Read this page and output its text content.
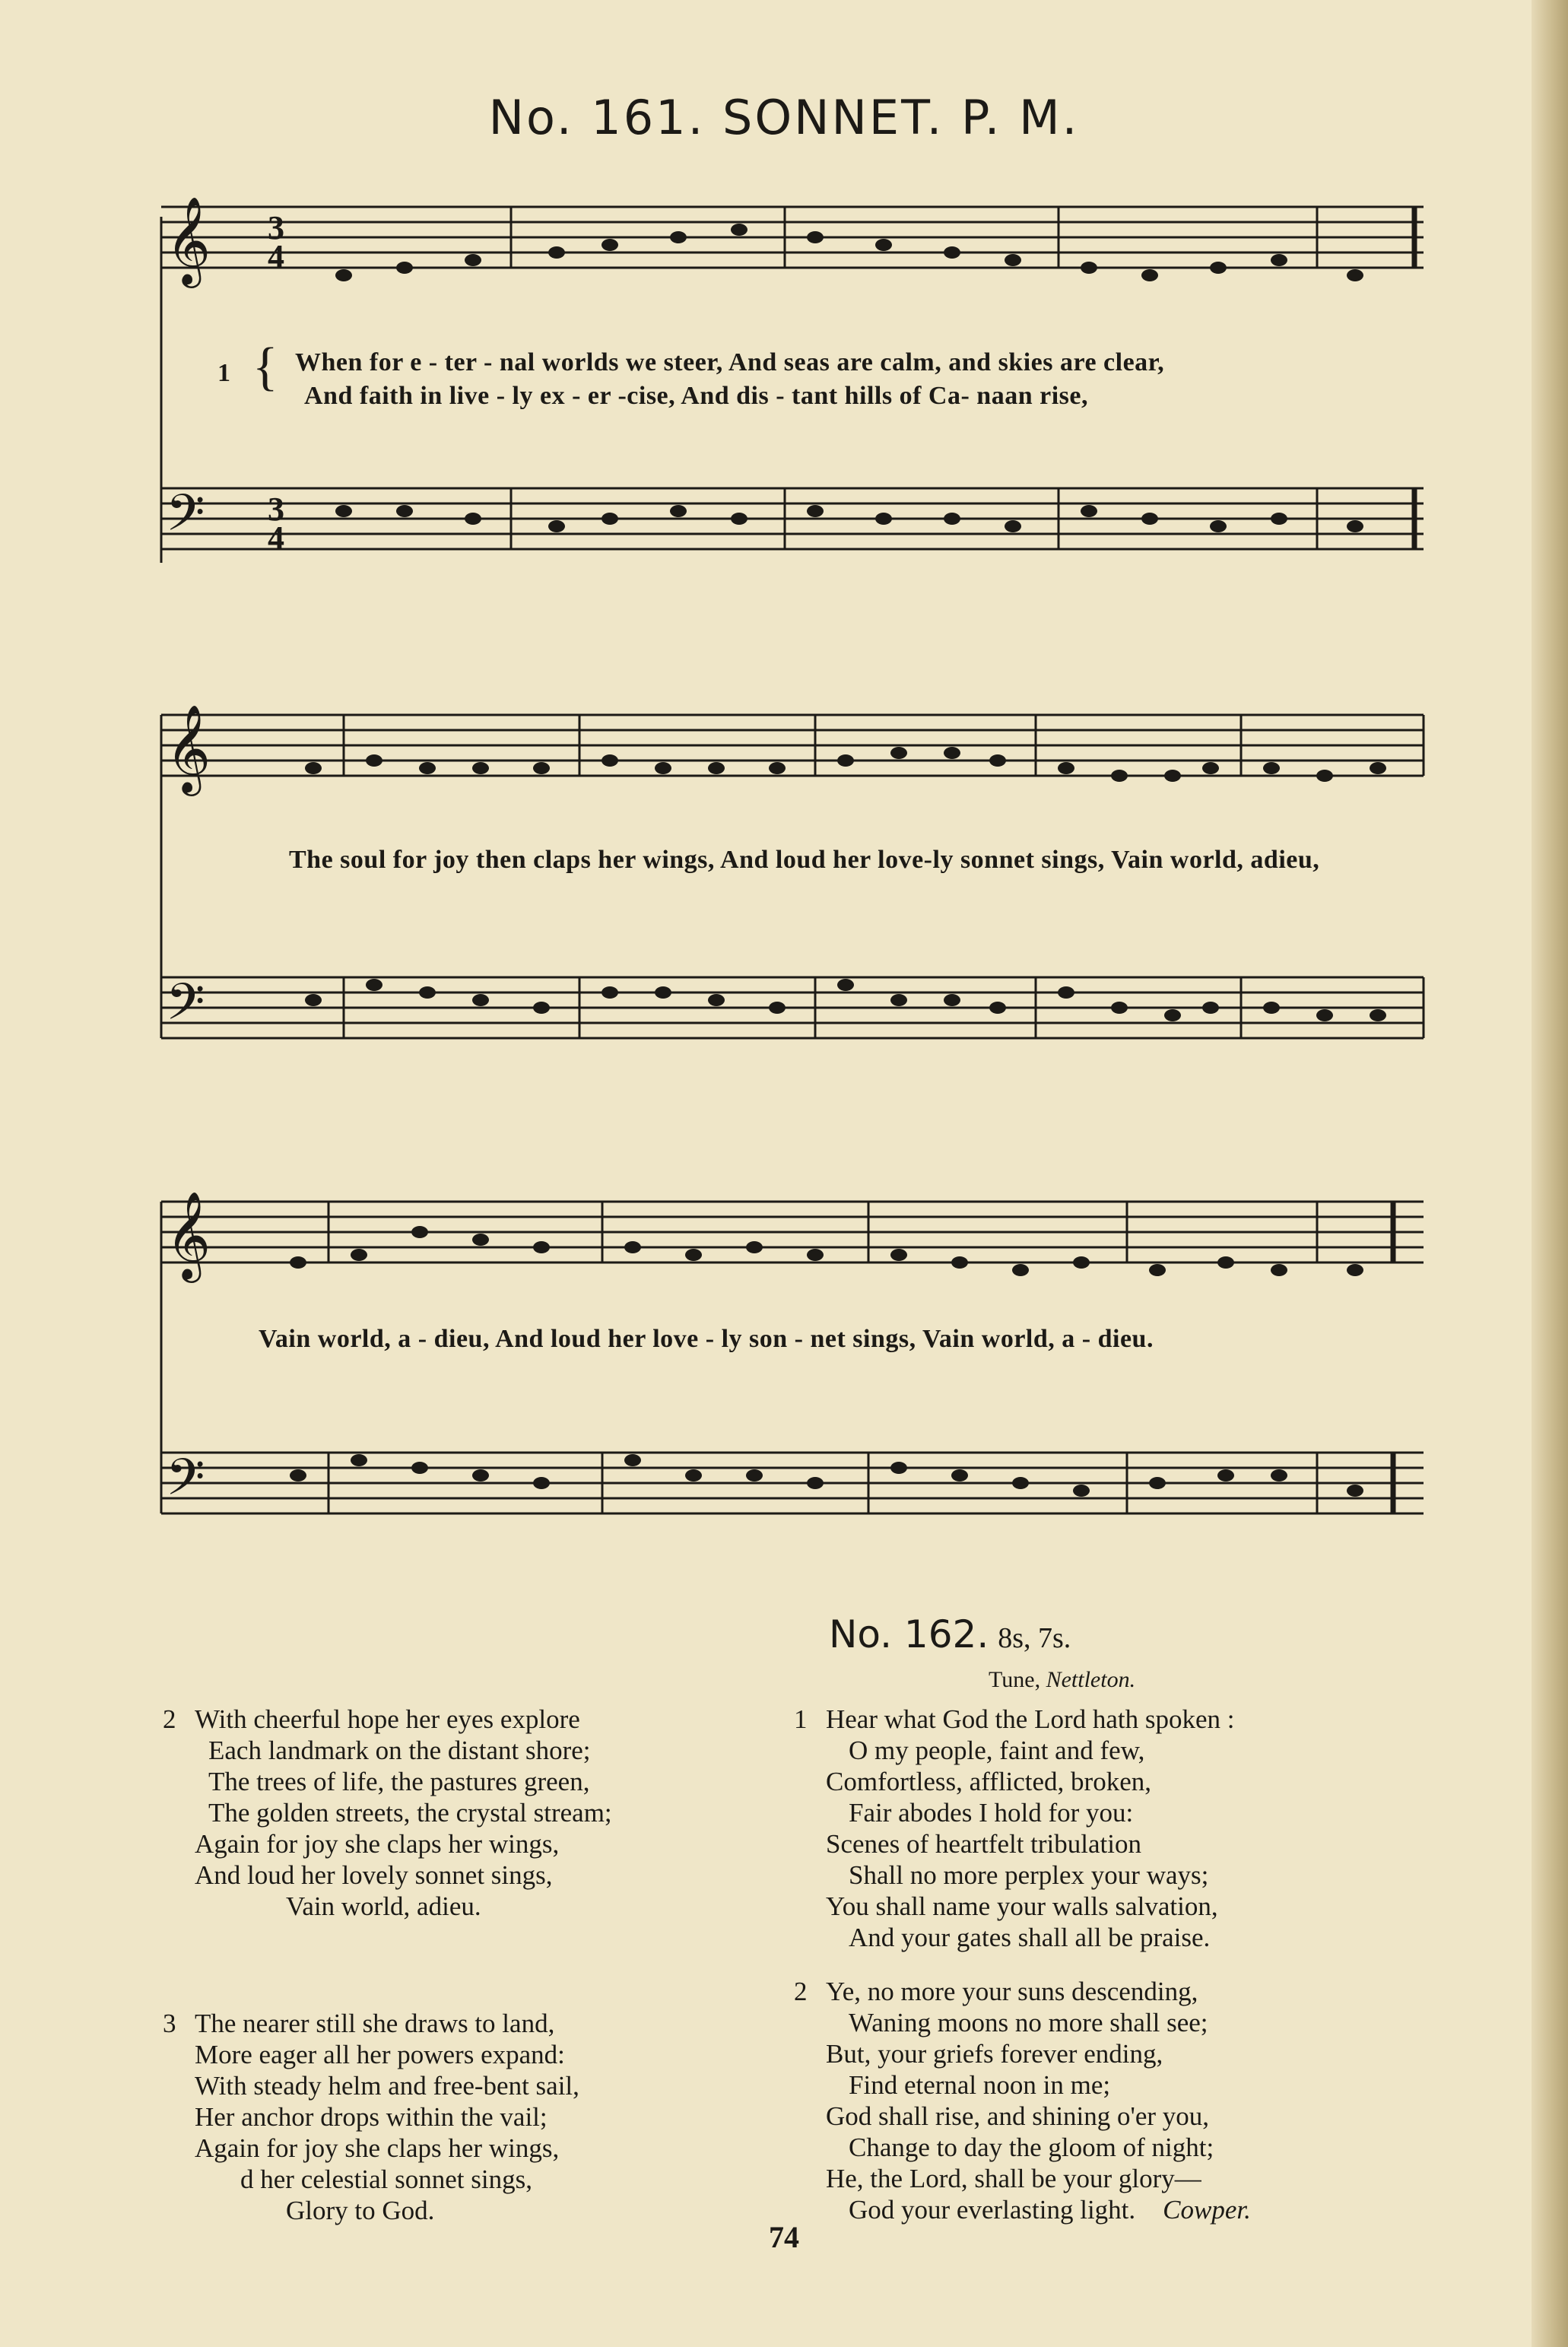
No. 161. SONNET. P. M.
𝄞
𝄢
3
4
3
4
1 { When for e - ter - nal worlds we steer, And seas are calm, and skies are clear,
And faith in live - ly ex - er -cise, And dis - tant hills of Ca- naan rise,
𝄞
𝄢
The soul for joy then claps her wings, And loud her love-ly sonnet sings, Vain world, adieu,
𝄞
𝄢
Vain world, a - dieu, And loud her love - ly son - net sings, Vain world, a - dieu.
No. 162. 8s, 7s.
Tune, Nettleton.
2 With cheerful hope her eyes explore
Each landmark on the distant shore;
The trees of life, the pastures green,
The golden streets, the crystal stream;
Again for joy she claps her wings,
And loud her lovely sonnet sings,
Vain world, adieu.
3 The nearer still she draws to land,
More eager all her powers expand:
With steady helm and free-bent sail,
Her anchor drops within the vail;
Again for joy she claps her wings,
d her celestial sonnet sings,
Glory to God.
1 Hear what God the Lord hath spoken :
O my people, faint and few,
Comfortless, afflicted, broken,
Fair abodes I hold for you:
Scenes of heartfelt tribulation
Shall no more perplex your ways;
You shall name your walls salvation,
And your gates shall all be praise.
2 Ye, no more your suns descending,
Waning moons no more shall see;
But, your griefs forever ending,
Find eternal noon in me;
God shall rise, and shining o'er you,
Change to day the gloom of night;
He, the Lord, shall be your glory—
God your everlasting light. Cowper.
74
